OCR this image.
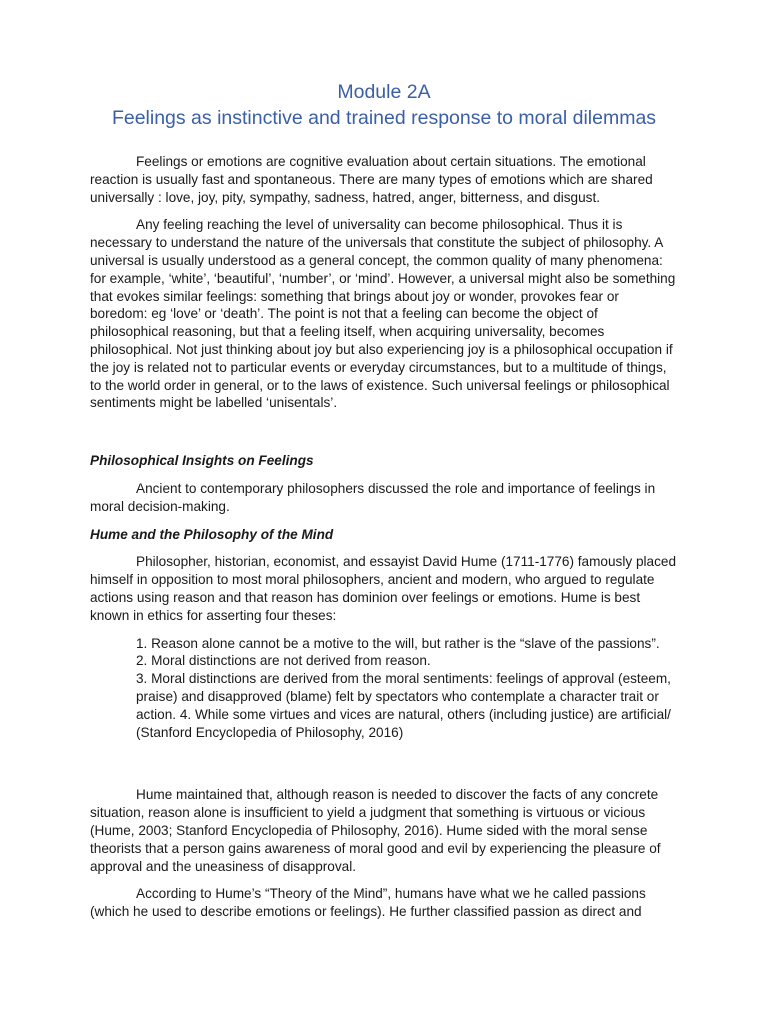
Module 2A
Feelings as instinctive and trained response to moral dilemmas

Feelings or emotions are cognitive evaluation about certain situations. The emotional reaction is usually fast and spontaneous. There are many types of emotions which are shared universally : love, joy, pity, sympathy, sadness, hatred, anger, bitterness, and disgust.

Any feeling reaching the level of universality can become philosophical. Thus it is necessary to understand the nature of the universals that constitute the subject of philosophy. A universal is usually understood as a general concept, the common quality of many phenomena: for example, ‘white’, ‘beautiful’, ‘number’, or ‘mind’. However, a universal might also be something that evokes similar feelings: something that brings about joy or wonder, provokes fear or boredom: eg ‘love’ or ‘death’. The point is not that a feeling can become the object of philosophical reasoning, but that a feeling itself, when acquiring universality, becomes philosophical. Not just thinking about joy but also experiencing joy is a philosophical occupation if the joy is related not to particular events or everyday circumstances, but to a multitude of things, to the world order in general, or to the laws of existence. Such universal feelings or philosophical sentiments might be labelled ‘unisentals’.

Philosophical Insights on Feelings

Ancient to contemporary philosophers discussed the role and importance of feelings in moral decision-making.

Hume and the Philosophy of the Mind

Philosopher, historian, economist, and essayist David Hume (1711-1776) famously placed himself in opposition to most moral philosophers, ancient and modern, who argued to regulate actions using reason and that reason has dominion over feelings or emotions. Hume is best known in ethics for asserting four theses:

1. Reason alone cannot be a motive to the will, but rather is the “slave of the passions”.
2. Moral distinctions are not derived from reason.
3. Moral distinctions are derived from the moral sentiments: feelings of approval (esteem, praise) and disapproved (blame) felt by spectators who contemplate a character trait or action. 4. While some virtues and vices are natural, others (including justice) are artificial/ (Stanford Encyclopedia of Philosophy, 2016)

Hume maintained that, although reason is needed to discover the facts of any concrete situation, reason alone is insufficient to yield a judgment that something is virtuous or vicious (Hume, 2003; Stanford Encyclopedia of Philosophy, 2016). Hume sided with the moral sense theorists that a person gains awareness of moral good and evil by experiencing the pleasure of approval and the uneasiness of disapproval.

According to Hume’s “Theory of the Mind”, humans have what we he called passions (which he used to describe emotions or feelings). He further classified passion as direct and
